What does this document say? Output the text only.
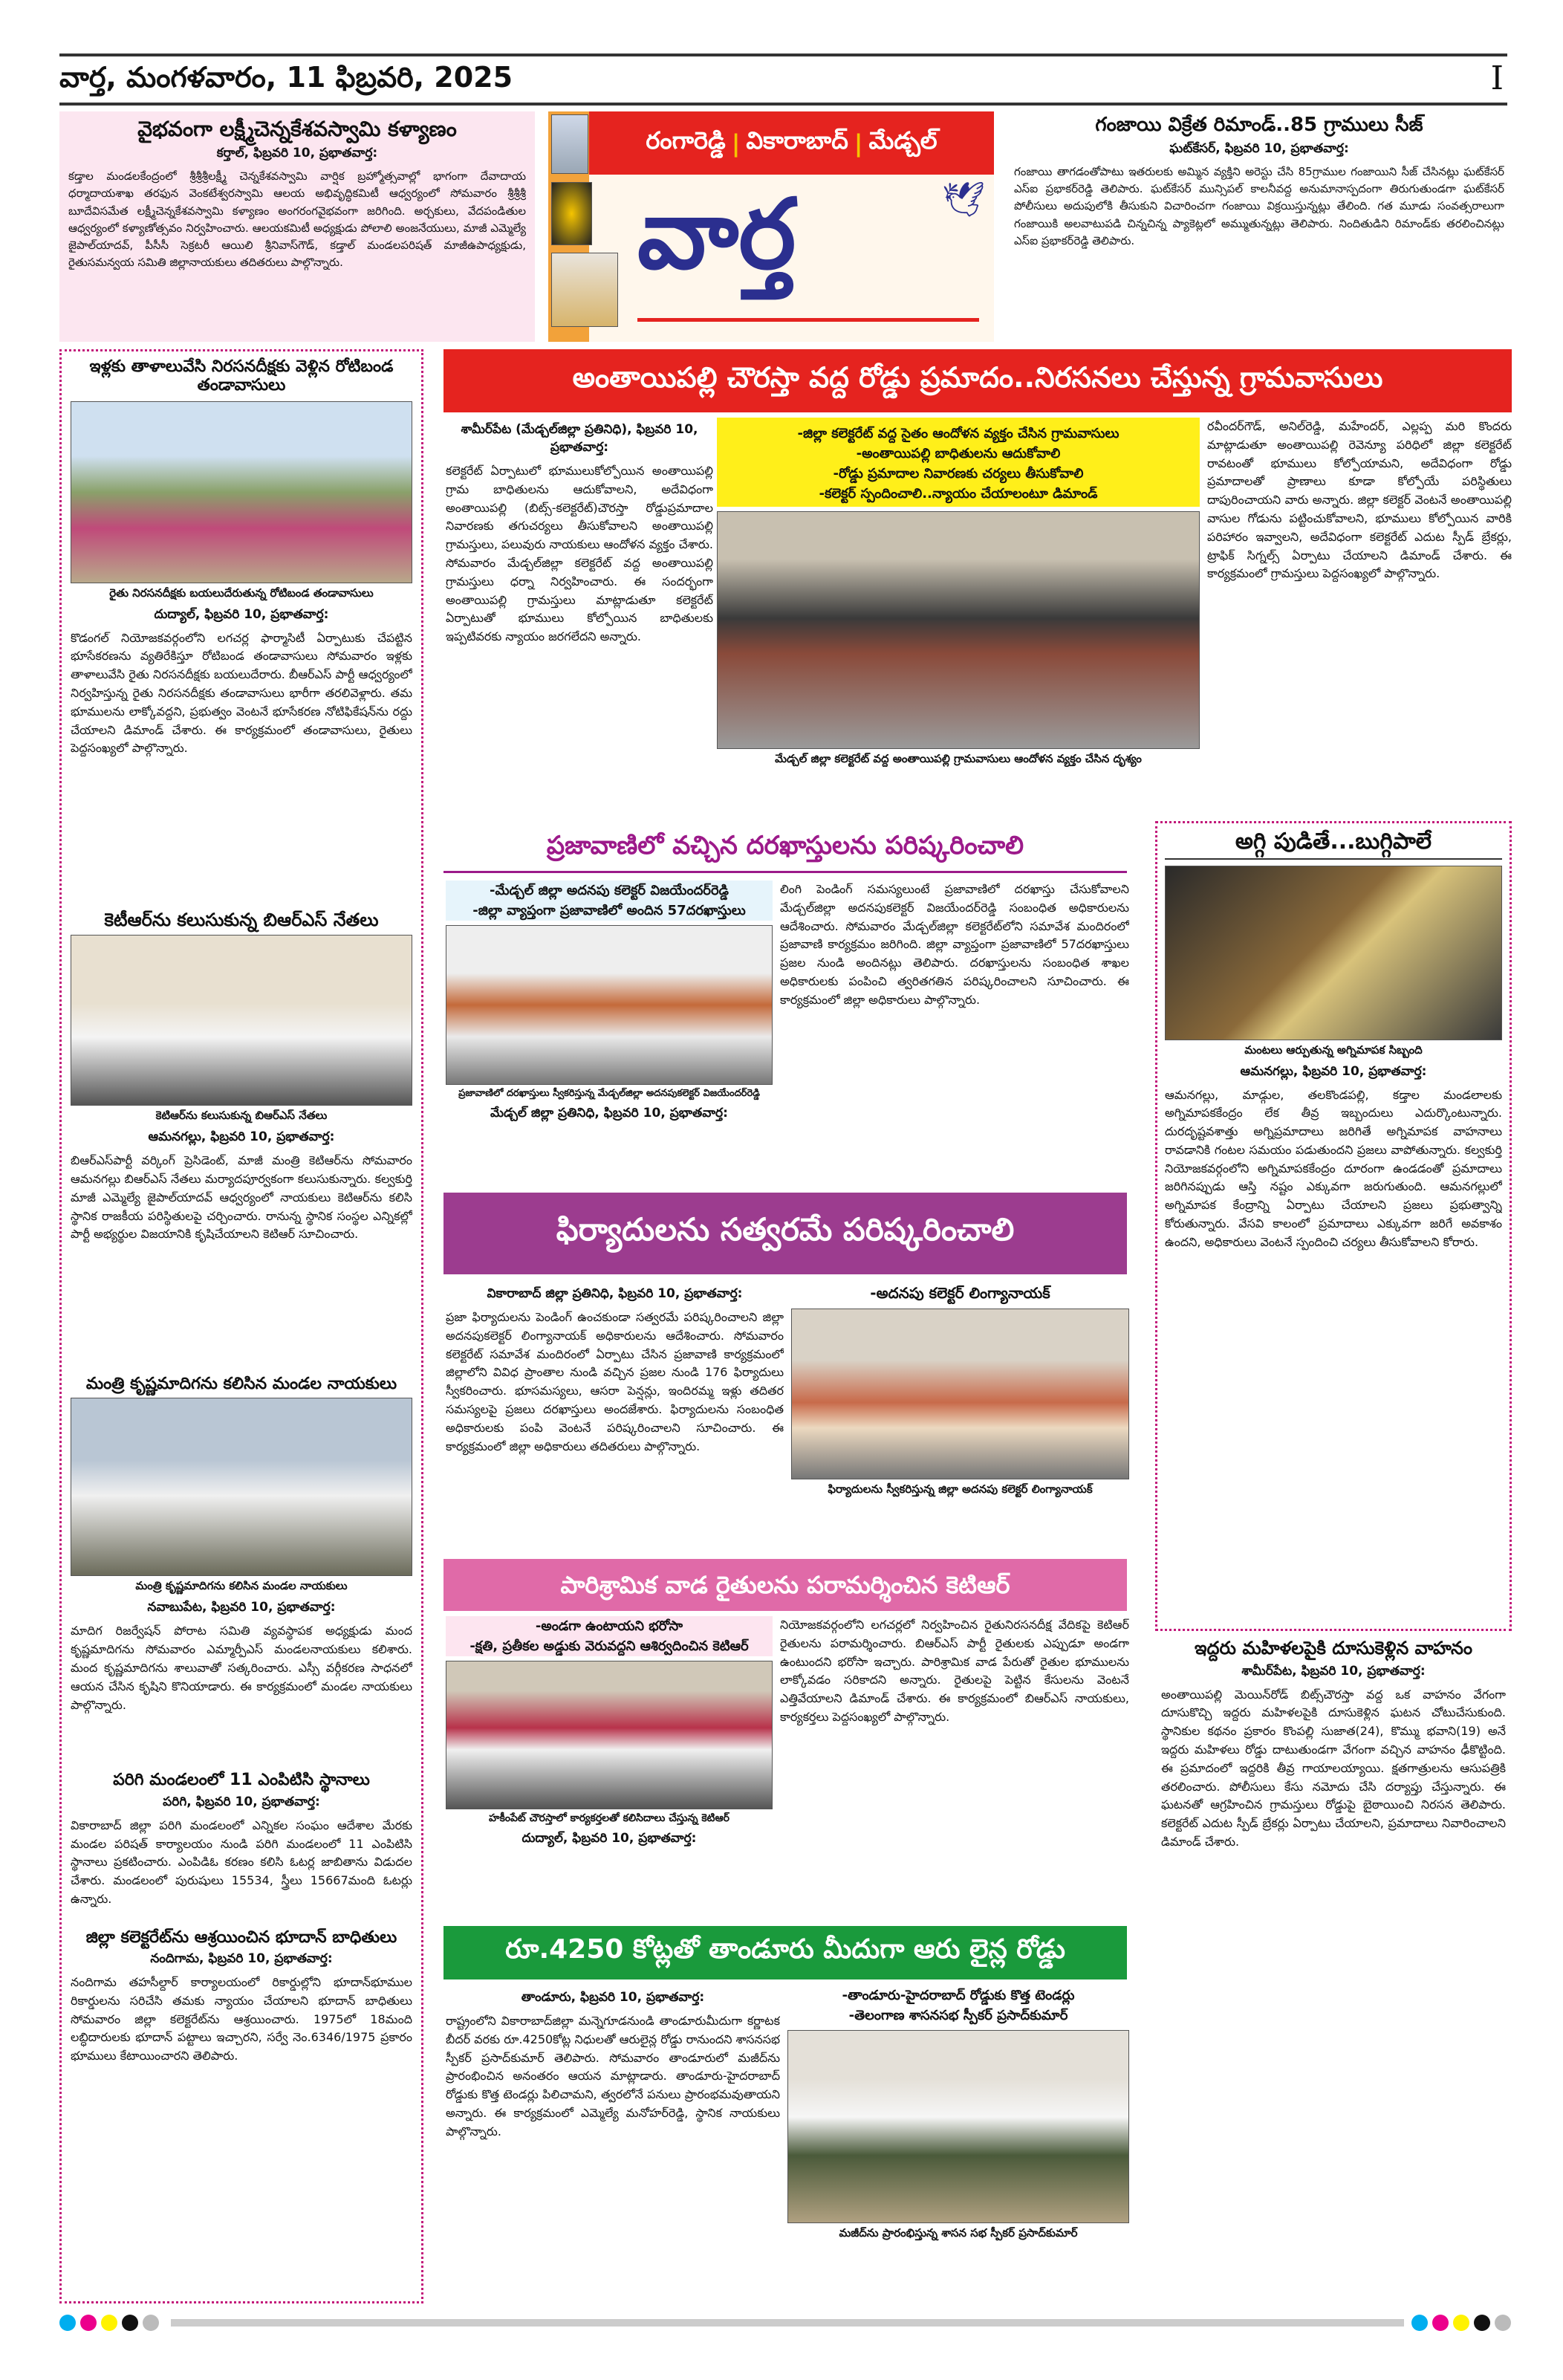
వార్త, మంగళవారం, 11 ఫిబ్రవరి, 2025	I
వైభవంగా లక్ష్మీచెన్నకేశవస్వామి కళ్యాణం
కర్తాల్, ఫిబ్రవరి 10, ప్రభాతవార్త:
కడ్తాల మండలకేంద్రంలో శ్రీశ్రీశ్రీలక్ష్మీ చెన్నకేశవస్వామి వార్షిక బ్రహ్మోత్సవాల్లో భాగంగా దేవాదాయ ధర్మాదాయశాఖ తరఫున వెంకటేశ్వరస్వామి ఆలయ అభివృద్ధికమిటీ ఆధ్వర్యంలో సోమవారం శ్రీశ్రీశ్రీ బూదేవిసమేత లక్ష్మీచెన్నకేశవస్వామి కళ్యాణం అంగరంగవైభవంగా జరిగింది. అర్చకులు, వేదపండితుల ఆధ్వర్యంలో కళ్యాణోత్సవం నిర్వహించారు. ఆలయకమిటీ అధ్యక్షుడు పోలాలి అంజనేయులు, మాజీ ఎమ్మెల్యే జైపాల్‌యాదవ్, పీసీసీ సెక్రటరీ ఆయిలి శ్రీనివాస్‌గౌడ్, కడ్తాల్ మండలపరిషత్ మాజీఉపాధ్యక్షుడు, రైతుసమన్వయ సమితి జిల్లానాయకులు తదితరులు పాల్గొన్నారు.
రంగారెడ్డి | వికారాబాద్ | మేడ్చల్
వార్త	🕊
గంజాయి విక్రేత రిమాండ్..85 గ్రాములు సీజ్
ఘట్‌కేసర్, ఫిబ్రవరి 10, ప్రభాతవార్త:
గంజాయి తాగడంతోపాటు ఇతరులకు అమ్మిన వ్యక్తిని అరెస్టు చేసి 85గ్రాముల గంజాయిని సీజ్ చేసినట్లు ఘట్‌కేసర్ ఎస్ఐ ప్రభాకర్‌రెడ్డి తెలిపారు. ఘట్‌కేసర్ మున్సిపల్ కాలనీవద్ద అనుమానాస్పదంగా తిరుగుతుండగా ఘట్‌కేసర్ పోలీసులు అదుపులోకి తీసుకుని విచారించగా గంజాయి విక్రయిస్తున్నట్లు తేలింది. గత మూడు సంవత్సరాలుగా గంజాయికి అలవాటుపడి చిన్నచిన్న ప్యాకెట్లలో అమ్ముతున్నట్లు తెలిపారు. నిందితుడిని రిమాండ్‌కు తరలించినట్లు ఎస్ఐ ప్రభాకర్‌రెడ్డి తెలిపారు.
ఇళ్లకు తాళాలువేసి నిరసనదీక్షకు వెళ్లిన రోటిబండ తండావాసులు
రైతు నిరసనదీక్షకు బయలుదేరుతున్న రోటిబండ తండావాసులు
దుద్యాల్, ఫిబ్రవరి 10, ప్రభాతవార్త:
కొడంగల్ నియోజకవర్గంలోని లగచర్ల ఫార్మాసిటీ ఏర్పాటుకు చేపట్టిన భూసేకరణను వ్యతిరేకిస్తూ రోటిబండ తండావాసులు సోమవారం ఇళ్లకు తాళాలువేసి రైతు నిరసనదీక్షకు బయలుదేరారు. బీఆర్‌ఎస్ పార్టీ ఆధ్వర్యంలో నిర్వహిస్తున్న రైతు నిరసనదీక్షకు తండావాసులు భారీగా తరలివెళ్లారు. తమ భూములను లాక్కోవద్దని, ప్రభుత్వం వెంటనే భూసేకరణ నోటిఫికేషన్‌ను రద్దు చేయాలని డిమాండ్ చేశారు. ఈ కార్యక్రమంలో తండావాసులు, రైతులు పెద్దసంఖ్యలో పాల్గొన్నారు.
కెటీఆర్‌ను కలుసుకున్న బిఆర్‌ఎస్ నేతలు
కెటిఆర్‌ను కలుసుకున్న బిఆర్‌ఎస్ నేతలు
ఆమనగల్లు, ఫిబ్రవరి 10, ప్రభాతవార్త:
బిఆర్‌ఎస్‌పార్టీ వర్కింగ్ ప్రెసిడెంట్, మాజీ మంత్రి కెటిఆర్‌ను సోమవారం ఆమనగల్లు బిఆర్‌ఎస్ నేతలు మర్యాదపూర్వకంగా కలుసుకున్నారు. కల్వకుర్తి మాజీ ఎమ్మెల్యే జైపాల్‌యాదవ్ ఆధ్వర్యంలో నాయకులు కెటిఆర్‌ను కలిసి స్థానిక రాజకీయ పరిస్థితులపై చర్చించారు. రానున్న స్థానిక సంస్థల ఎన్నికల్లో పార్టీ అభ్యర్థుల విజయానికి కృషిచేయాలని కెటిఆర్ సూచించారు.
మంత్రి కృష్ణమాదిగను కలిసిన మండల నాయకులు
మంత్రి కృష్ణమాదిగను కలిసిన మండల నాయకులు
నవాబుపేట, ఫిబ్రవరి 10, ప్రభాతవార్త:
మాదిగ రిజర్వేషన్ పోరాట సమితి వ్యవస్థాపక అధ్యక్షుడు మంద కృష్ణమాదిగను సోమవారం ఎమ్మార్పీఎస్ మండలనాయకులు కలిశారు. మంద కృష్ణమాదిగను శాలువాతో సత్కరించారు. ఎస్సీ వర్గీకరణ సాధనలో ఆయన చేసిన కృషిని కొనియాడారు. ఈ కార్యక్రమంలో మండల నాయకులు పాల్గొన్నారు.
పరిగి మండలంలో 11 ఎంపిటిసి స్థానాలు
పరిగి, ఫిబ్రవరి 10, ప్రభాతవార్త:
వికారాబాద్ జిల్లా పరిగి మండలంలో ఎన్నికల సంఘం ఆదేశాల మేరకు మండల పరిషత్ కార్యాలయం నుండి పరిగి మండలంలో 11 ఎంపిటిసి స్థానాలు ప్రకటించారు. ఎంపిడిఓ కరణం కలిసి ఓటర్ల జాబితాను విడుదల చేశారు. మండలంలో పురుషులు 15534, స్త్రీలు 15667మంది ఓటర్లు ఉన్నారు.
జిల్లా కలెక్టరేట్‌ను ఆశ్రయించిన భూదాన్ బాధితులు
నందిగామ, ఫిబ్రవరి 10, ప్రభాతవార్త:
నందిగామ తహసీల్దార్ కార్యాలయంలో రికార్డుల్లోని భూదాన్‌భూముల రికార్డులను సరిచేసి తమకు న్యాయం చేయాలని భూదాన్ బాధితులు సోమవారం జిల్లా కలెక్టరేట్‌ను ఆశ్రయించారు. 1975లో 18మంది లబ్ధిదారులకు భూదాన్ పట్టాలు ఇచ్చారని, సర్వే నెం.6346/1975 ప్రకారం భూములు కేటాయించారని తెలిపారు.
అంతాయిపల్లి చౌరస్తా వద్ద రోడ్డు ప్రమాదం..నిరసనలు చేస్తున్న గ్రామవాసులు
శామీర్‌పేట (మేడ్చల్‌జిల్లా ప్రతినిధి), ఫిబ్రవరి 10, ప్రభాతవార్త:
కలెక్టరేట్ ఏర్పాటులో భూములుకోల్పోయిన అంతాయిపల్లి గ్రామ బాధితులను ఆదుకోవాలని, అదేవిధంగా అంతాయిపల్లి (బిట్స్-కలెక్టరేట్)చౌరస్తా రోడ్డుప్రమాదాల నివారణకు తగుచర్యలు తీసుకోవాలని అంతాయిపల్లి గ్రామస్తులు, పలువురు నాయకులు ఆందోళన వ్యక్తం చేశారు. సోమవారం మేడ్చల్‌జిల్లా కలెక్టరేట్ వద్ద అంతాయిపల్లి గ్రామస్తులు ధర్నా నిర్వహించారు. ఈ సందర్భంగా అంతాయిపల్లి గ్రామస్తులు మాట్లాడుతూ కలెక్టరేట్ ఏర్పాటుతో భూములు కోల్పోయిన బాధితులకు ఇప్పటివరకు న్యాయం జరగలేదని అన్నారు.
-జిల్లా కలెక్టరేట్ వద్ద సైతం ఆందోళన వ్యక్తం చేసిన గ్రామవాసులు
-అంతాయిపల్లి బాధితులను ఆదుకోవాలి
-రోడ్డు ప్రమాదాల నివారణకు చర్యలు తీసుకోవాలి
-కలెక్టర్ స్పందించాలి..న్యాయం చేయాలంటూ డిమాండ్
మేడ్చల్ జిల్లా కలెక్టరేట్ వద్ద అంతాయిపల్లి గ్రామవాసులు ఆందోళన వ్యక్తం చేసిన దృశ్యం
రవీందర్‌గౌడ్, అనిల్‌రెడ్డి, మహేందర్, ఎల్లప్ప మరి కొందరు మాట్లాడుతూ అంతాయిపల్లి రెవెన్యూ పరిధిలో జిల్లా కలెక్టరేట్ రావటంతో భూములు కోల్పోయామని, అదేవిధంగా రోడ్డు ప్రమాదాలతో ప్రాణాలు కూడా కోల్పోయే పరిస్థితులు దాపురించాయని వారు అన్నారు. జిల్లా కలెక్టర్ వెంటనే అంతాయిపల్లి వాసుల గోడును పట్టించుకోవాలని, భూములు కోల్పోయిన వారికి పరిహారం ఇవ్వాలని, అదేవిధంగా కలెక్టరేట్ ఎదుట స్పీడ్ బ్రేకర్లు, ట్రాఫిక్ సిగ్నల్స్ ఏర్పాటు చేయాలని డిమాండ్ చేశారు. ఈ కార్యక్రమంలో గ్రామస్తులు పెద్దసంఖ్యలో పాల్గొన్నారు.
ప్రజావాణిలో వచ్చిన దరఖాస్తులను పరిష్కరించాలి
-మేడ్చల్ జిల్లా అదనపు కలెక్టర్ విజయేందర్‌రెడ్డి
-జిల్లా వ్యాప్తంగా ప్రజావాణిలో అందిన 57దరఖాస్తులు
ప్రజావాణిలో దరఖాస్తులు స్వీకరిస్తున్న మేడ్చల్‌జిల్లా అదనపుకలెక్టర్ విజయేందర్‌రెడ్డి
మేడ్చల్ జిల్లా ప్రతినిధి, ఫిబ్రవరి 10, ప్రభాతవార్త:
లింగి పెండింగ్ సమస్యలుంటే ప్రజావాణిలో దరఖాస్తు చేసుకోవాలని మేడ్చల్‌జిల్లా అదనపుకలెక్టర్ విజయేందర్‌రెడ్డి సంబంధిత అధికారులను ఆదేశించారు. సోమవారం మేడ్చల్‌జిల్లా కలెక్టరేట్‌లోని సమావేశ మందిరంలో ప్రజావాణి కార్యక్రమం జరిగింది. జిల్లా వ్యాప్తంగా ప్రజావాణిలో 57దరఖాస్తులు ప్రజల నుండి అందినట్లు తెలిపారు. దరఖాస్తులను సంబంధిత శాఖల అధికారులకు పంపించి త్వరితగతిన పరిష్కరించాలని సూచించారు. ఈ కార్యక్రమంలో జిల్లా అధికారులు పాల్గొన్నారు.
అగ్గి పుడితే...బుగ్గిపాలే
మంటలు ఆర్పుతున్న అగ్నిమాపక సిబ్బంది
ఆమనగల్లు, ఫిబ్రవరి 10, ప్రభాతవార్త:
ఆమనగల్లు, మాడ్గుల, తలకొండపల్లి, కడ్తాల మండలాలకు అగ్నిమాపకకేంద్రం లేక తీవ్ర ఇబ్బందులు ఎదుర్కొంటున్నారు. దురదృష్టవశాత్తు అగ్నిప్రమాదాలు జరిగితే అగ్నిమాపక వాహనాలు రావడానికి గంటల సమయం పడుతుందని ప్రజలు వాపోతున్నారు. కల్వకుర్తి నియోజకవర్గంలోని అగ్నిమాపకకేంద్రం దూరంగా ఉండడంతో ప్రమాదాలు జరిగినప్పుడు ఆస్తి నష్టం ఎక్కువగా జరుగుతుంది. ఆమనగల్లులో అగ్నిమాపక కేంద్రాన్ని ఏర్పాటు చేయాలని ప్రజలు ప్రభుత్వాన్ని కోరుతున్నారు. వేసవి కాలంలో ప్రమాదాలు ఎక్కువగా జరిగే అవకాశం ఉందని, అధికారులు వెంటనే స్పందించి చర్యలు తీసుకోవాలని కోరారు.
ఫిర్యాదులను సత్వరమే పరిష్కరించాలి
వికారాబాద్ జిల్లా ప్రతినిధి, ఫిబ్రవరి 10, ప్రభాతవార్త:
ప్రజా ఫిర్యాదులను పెండింగ్ ఉంచకుండా సత్వరమే పరిష్కరించాలని జిల్లా అదనపుకలెక్టర్ లింగ్యానాయక్ అధికారులను ఆదేశించారు. సోమవారం కలెక్టరేట్ సమావేశ మందిరంలో ఏర్పాటు చేసిన ప్రజావాణి కార్యక్రమంలో జిల్లాలోని వివిధ ప్రాంతాల నుండి వచ్చిన ప్రజల నుండి 176 ఫిర్యాదులు స్వీకరించారు. భూసమస్యలు, ఆసరా పెన్షన్లు, ఇందిరమ్మ ఇళ్లు తదితర సమస్యలపై ప్రజలు దరఖాస్తులు అందజేశారు. ఫిర్యాదులను సంబంధిత అధికారులకు పంపి వెంటనే పరిష్కరించాలని సూచించారు. ఈ కార్యక్రమంలో జిల్లా అధికారులు తదితరులు పాల్గొన్నారు.
-అదనపు కలెక్టర్ లింగ్యానాయక్
ఫిర్యాదులను స్వీకరిస్తున్న జిల్లా అదనపు కలెక్టర్ లింగ్యానాయక్
పారిశ్రామిక వాడ రైతులను పరామర్శించిన కెటిఆర్
-అండగా ఉంటాయని భరోసా
-క్షతి, ప్రతీకల అడ్డుకు వెరువద్దని ఆశిర్వదించిన కెటిఆర్
హకీంపేట్ చౌరస్తాలో కార్యకర్తలతో కలిసిదాలు చేస్తున్న కెటిఆర్
దుద్యాల్, ఫిబ్రవరి 10, ప్రభాతవార్త:
నియోజకవర్గంలోని లగచర్లలో నిర్వహించిన రైతునిరసనదీక్ష వేదికపై కెటిఆర్ రైతులను పరామర్శించారు. బిఆర్‌ఎస్ పార్టీ రైతులకు ఎప్పుడూ అండగా ఉంటుందని భరోసా ఇచ్చారు. పారిశ్రామిక వాడ పేరుతో రైతుల భూములను లాక్కోవడం సరికాదని అన్నారు. రైతులపై పెట్టిన కేసులను వెంటనే ఎత్తివేయాలని డిమాండ్ చేశారు. ఈ కార్యక్రమంలో బిఆర్‌ఎస్ నాయకులు, కార్యకర్తలు పెద్దసంఖ్యలో పాల్గొన్నారు.
ఇద్దరు మహిళలపైకి దూసుకెళ్లిన వాహనం
శామీర్‌పేట, ఫిబ్రవరి 10, ప్రభాతవార్త:
అంతాయిపల్లి మెయిన్‌రోడ్ బిట్స్‌చౌరస్తా వద్ద ఒక వాహనం వేగంగా దూసుకొచ్చి ఇద్దరు మహిళలపైకి దూసుకెళ్లిన ఘటన చోటుచేసుకుంది. స్థానికుల కథనం ప్రకారం కొంపల్లి సుజాత(24), కొమ్ము భవాని(19) అనే ఇద్దరు మహిళలు రోడ్డు దాటుతుండగా వేగంగా వచ్చిన వాహనం ఢీకొట్టింది. ఈ ప్రమాదంలో ఇద్దరికి తీవ్ర గాయాలయ్యాయి. క్షతగాత్రులను ఆసుపత్రికి తరలించారు. పోలీసులు కేసు నమోదు చేసి దర్యాప్తు చేస్తున్నారు. ఈ ఘటనతో ఆగ్రహించిన గ్రామస్తులు రోడ్డుపై బైఠాయించి నిరసన తెలిపారు. కలెక్టరేట్ ఎదుట స్పీడ్ బ్రేకర్లు ఏర్పాటు చేయాలని, ప్రమాదాలు నివారించాలని డిమాండ్ చేశారు.
రూ.4250 కోట్లతో తాండూరు మీదుగా ఆరు లైన్ల రోడ్డు
తాండూరు, ఫిబ్రవరి 10, ప్రభాతవార్త:
రాష్ట్రంలోని వికారాబాద్‌జిల్లా మన్నెగూడనుండి తాండూరుమీదుగా కర్ణాటక బీదర్ వరకు రూ.4250కోట్ల నిధులతో ఆరులైన్ల రోడ్డు రానుందని శాసనసభ స్పీకర్ ప్రసాద్‌కుమార్ తెలిపారు. సోమవారం తాండూరులో మజీద్‌ను ప్రారంభించిన అనంతరం ఆయన మాట్లాడారు. తాండూరు-హైదరాబాద్ రోడ్డుకు కొత్త టెండర్లు పిలిచామని, త్వరలోనే పనులు ప్రారంభమవుతాయని అన్నారు. ఈ కార్యక్రమంలో ఎమ్మెల్యే మనోహర్‌రెడ్డి, స్థానిక నాయకులు పాల్గొన్నారు.
-తాండూరు-హైదరాబాద్ రోడ్డుకు కొత్త టెండర్లు
-తెలంగాణ శాసనసభ స్పీకర్ ప్రసాద్‌కుమార్
మజీద్‌ను ప్రారంభిస్తున్న శాసన సభ స్పీకర్ ప్రసాద్‌కుమార్
